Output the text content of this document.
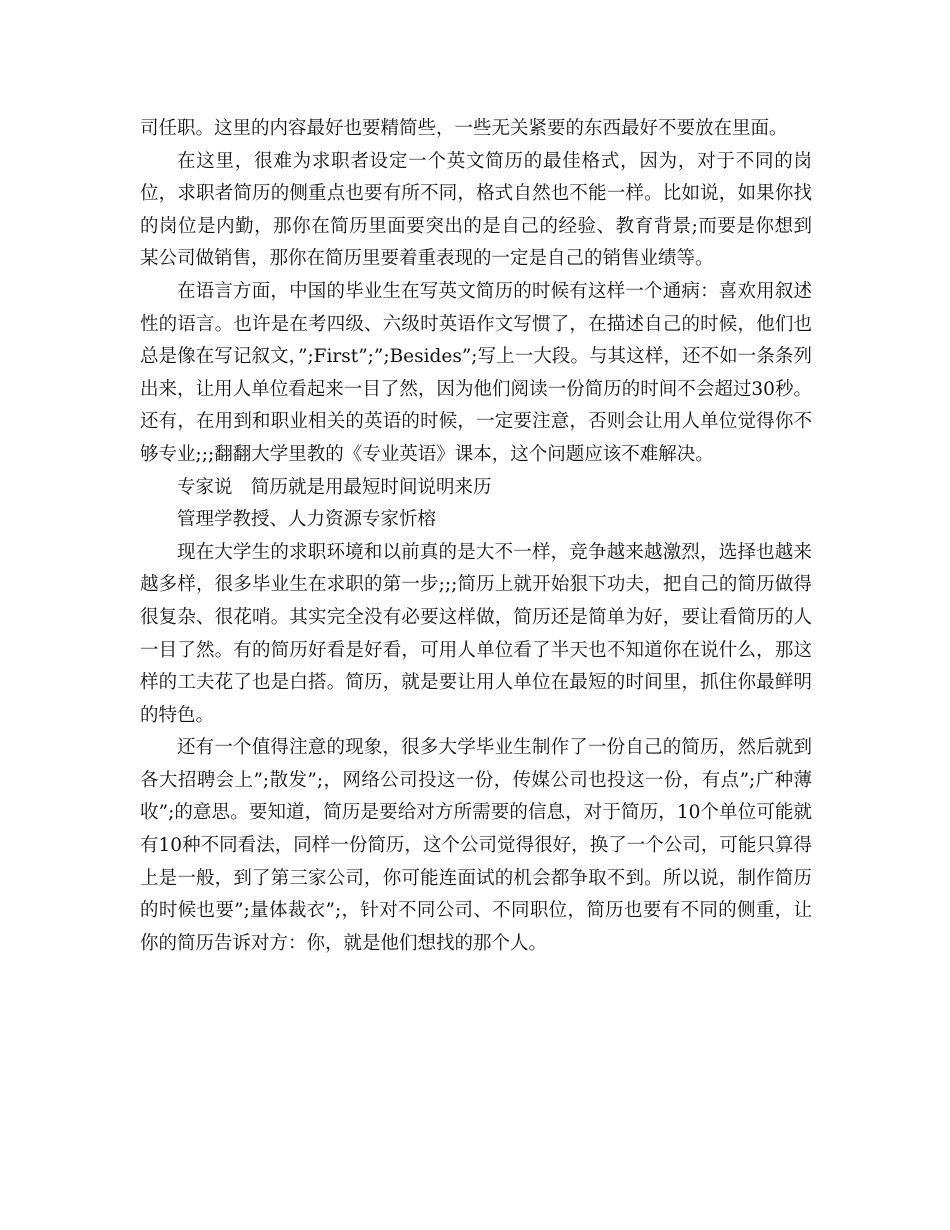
司任职。这里的内容最好也要精简些，一些无关紧要的东西最好不要放在里面。

在这里，很难为求职者设定一个英文简历的最佳格式，因为，对于不同的岗位，求职者简历的侧重点也要有所不同，格式自然也不能一样。比如说，如果你找的岗位是内勤，那你在简历里面要突出的是自己的经验、教育背景;而要是你想到某公司做销售，那你在简历里要着重表现的一定是自己的销售业绩等。

在语言方面，中国的毕业生在写英文简历的时候有这样一个通病：喜欢用叙述性的语言。也许是在考四级、六级时英语作文写惯了，在描述自己的时候，他们也总是像在写记叙文，”;First”;”;Besides”;写上一大段。与其这样，还不如一条条列出来，让用人单位看起来一目了然，因为他们阅读一份简历的时间不会超过30秒。还有，在用到和职业相关的英语的时候，一定要注意，否则会让用人单位觉得你不够专业;;;翻翻大学里教的《专业英语》课本，这个问题应该不难解决。

专家说　简历就是用最短时间说明来历

管理学教授、人力资源专家忻榕

现在大学生的求职环境和以前真的是大不一样，竞争越来越激烈，选择也越来越多样，很多毕业生在求职的第一步;;;简历上就开始狠下功夫，把自己的简历做得很复杂、很花哨。其实完全没有必要这样做，简历还是简单为好，要让看简历的人一目了然。有的简历好看是好看，可用人单位看了半天也不知道你在说什么，那这样的工夫花了也是白搭。简历，就是要让用人单位在最短的时间里，抓住你最鲜明的特色。

还有一个值得注意的现象，很多大学毕业生制作了一份自己的简历，然后就到各大招聘会上”;散发”;，网络公司投这一份，传媒公司也投这一份，有点”;广种薄收”;的意思。要知道，简历是要给对方所需要的信息，对于简历，10个单位可能就有10种不同看法，同样一份简历，这个公司觉得很好，换了一个公司，可能只算得上是一般，到了第三家公司，你可能连面试的机会都争取不到。所以说，制作简历的时候也要”;量体裁衣”;，针对不同公司、不同职位，简历也要有不同的侧重，让你的简历告诉对方：你，就是他们想找的那个人。
